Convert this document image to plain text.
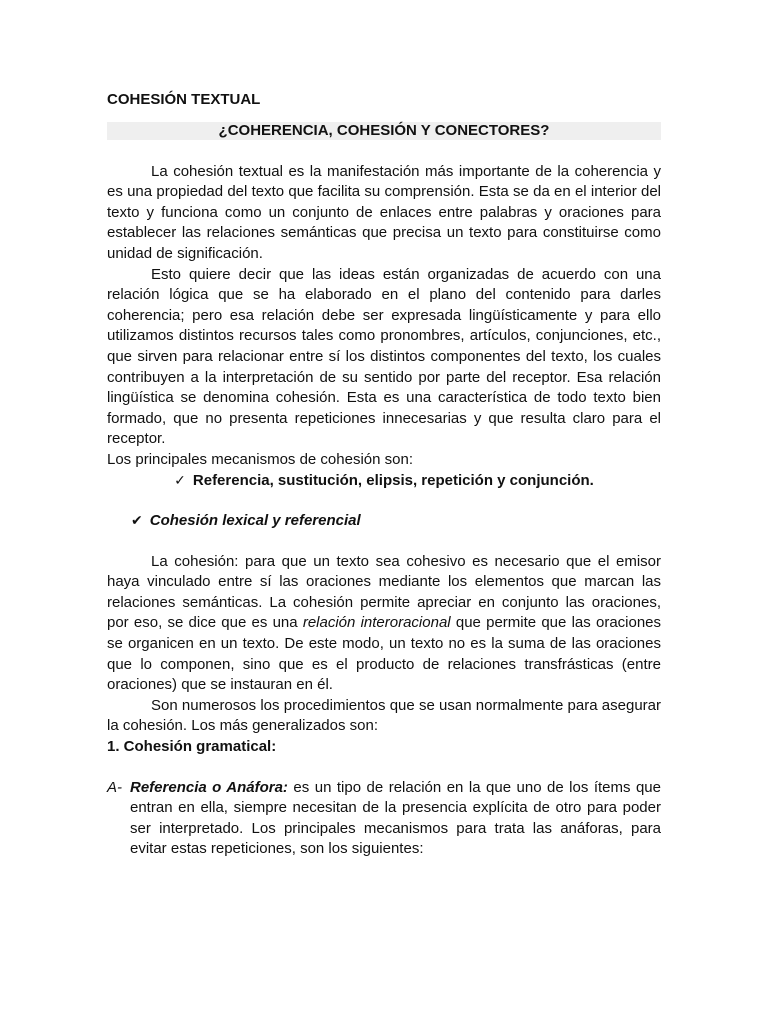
COHESIÓN TEXTUAL

¿COHERENCIA, COHESIÓN Y CONECTORES?

La cohesión textual es la manifestación más importante de la coherencia y es una propiedad del texto que facilita su comprensión. Esta se da en el interior del texto y funciona como un conjunto de enlaces entre palabras y oraciones para establecer las relaciones semánticas que precisa un texto para constituirse como unidad de significación.

Esto quiere decir que las ideas están organizadas de acuerdo con una relación lógica que se ha elaborado en el plano del contenido para darles coherencia; pero esa relación debe ser expresada lingüísticamente y para ello utilizamos distintos recursos tales como pronombres, artículos, conjunciones, etc., que sirven para relacionar entre sí los distintos componentes del texto, los cuales contribuyen a la interpretación de su sentido por parte del receptor. Esa relación lingüística se denomina cohesión. Esta es una característica de todo texto bien formado, que no presenta repeticiones innecesarias y que resulta claro para el receptor.

Los principales mecanismos de cohesión son:

✓ Referencia, sustitución, elipsis, repetición y conjunción.
✔ Cohesión lexical y referencial

La cohesión: para que un texto sea cohesivo es necesario que el emisor haya vinculado entre sí las oraciones mediante los elementos que marcan las relaciones semánticas. La cohesión permite apreciar en conjunto las oraciones, por eso, se dice que es una relación interoracional que permite que las oraciones se organicen en un texto. De este modo, un texto no es la suma de las oraciones que lo componen, sino que es el producto de relaciones transfrásticas (entre oraciones) que se instauran en él.

Son numerosos los procedimientos que se usan normalmente para asegurar la cohesión. Los más generalizados son:

1. Cohesión gramatical:

A- Referencia o Anáfora: es un tipo de relación en la que uno de los ítems que entran en ella, siempre necesitan de la presencia explícita de otro para poder ser interpretado. Los principales mecanismos para trata las anáforas, para evitar estas repeticiones, son los siguientes:
